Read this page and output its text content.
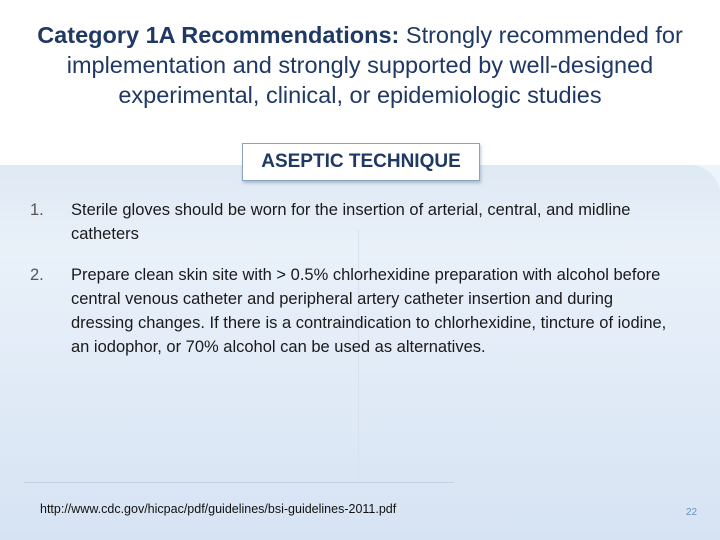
Category 1A Recommendations: Strongly recommended for implementation and strongly supported by well-designed experimental, clinical, or epidemiologic studies
ASEPTIC TECHNIQUE
1. Sterile gloves should be worn for the insertion of arterial, central, and midline catheters
2. Prepare clean skin site with > 0.5% chlorhexidine preparation with alcohol before central venous catheter and peripheral artery catheter insertion and during dressing changes. If there is a contraindication to chlorhexidine, tincture of iodine, an iodophor, or 70% alcohol can be used as alternatives.
http://www.cdc.gov/hicpac/pdf/guidelines/bsi-guidelines-2011.pdf	22
